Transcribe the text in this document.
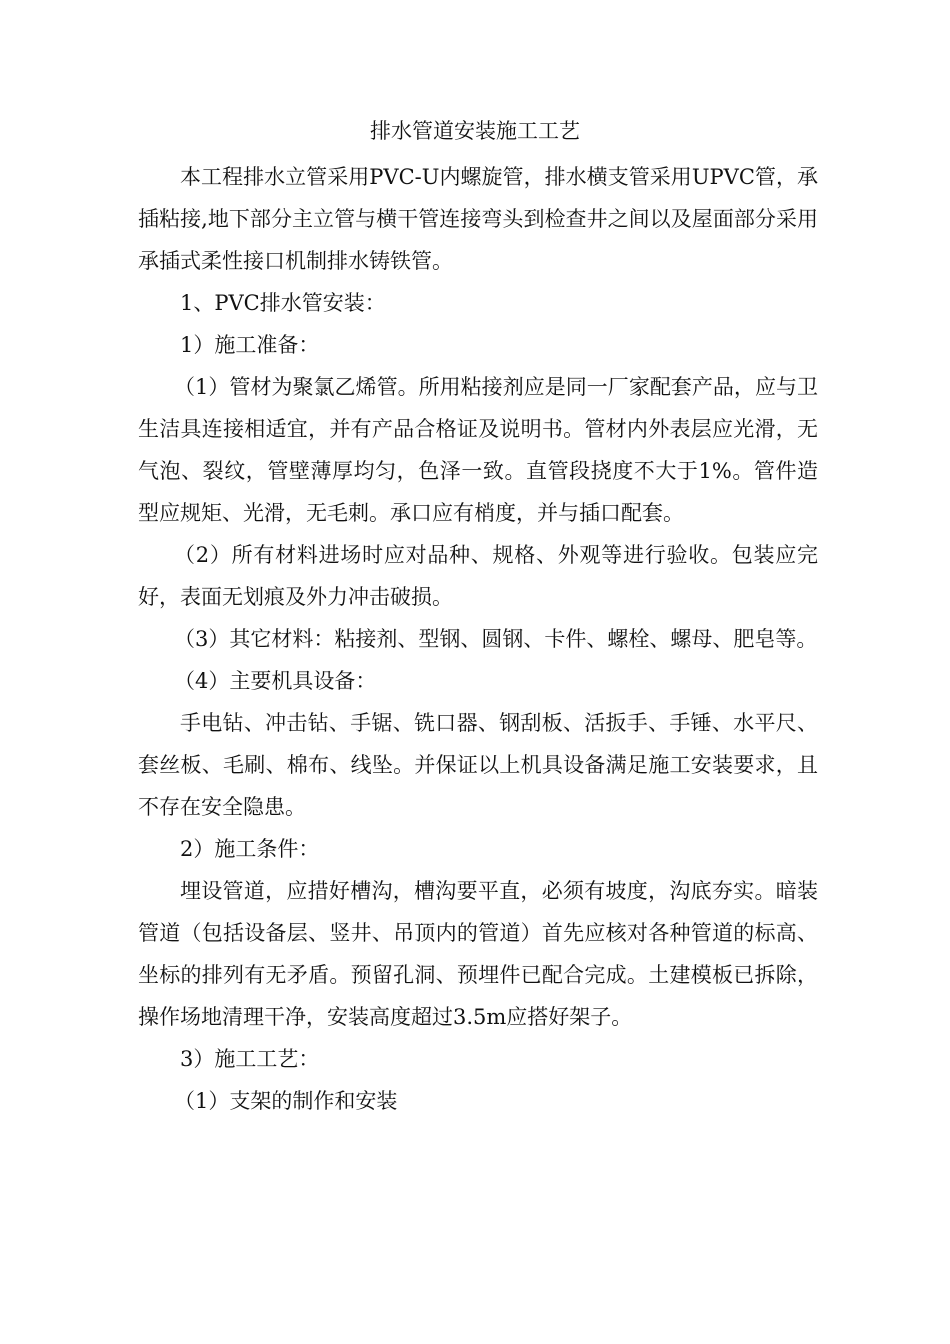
排水管道安装施工工艺

本工程排水立管采用PVC-U内螺旋管，排水横支管采用UPVC管，承插粘接,地下部分主立管与横干管连接弯头到检查井之间以及屋面部分采用承插式柔性接口机制排水铸铁管。

1、PVC排水管安装：

1）施工准备：

（1）管材为聚氯乙烯管。所用粘接剂应是同一厂家配套产品，应与卫生洁具连接相适宜，并有产品合格证及说明书。管材内外表层应光滑，无气泡、裂纹，管壁薄厚均匀，色泽一致。直管段挠度不大于1%。管件造型应规矩、光滑，无毛刺。承口应有梢度，并与插口配套。

（2）所有材料进场时应对品种、规格、外观等进行验收。包装应完好，表面无划痕及外力冲击破损。

（3）其它材料：粘接剂、型钢、圆钢、卡件、螺栓、螺母、肥皂等。

（4）主要机具设备：

手电钻、冲击钻、手锯、铣口器、钢刮板、活扳手、手锤、水平尺、套丝板、毛刷、棉布、线坠。并保证以上机具设备满足施工安装要求，且不存在安全隐患。

2）施工条件：

埋设管道，应措好槽沟，槽沟要平直，必须有坡度，沟底夯实。暗装管道（包括设备层、竖井、吊顶内的管道）首先应核对各种管道的标高、坐标的排列有无矛盾。预留孔洞、预埋件已配合完成。土建模板已拆除，操作场地清理干净，安装高度超过3.5m应搭好架子。

3）施工工艺：

（1）支架的制作和安装
